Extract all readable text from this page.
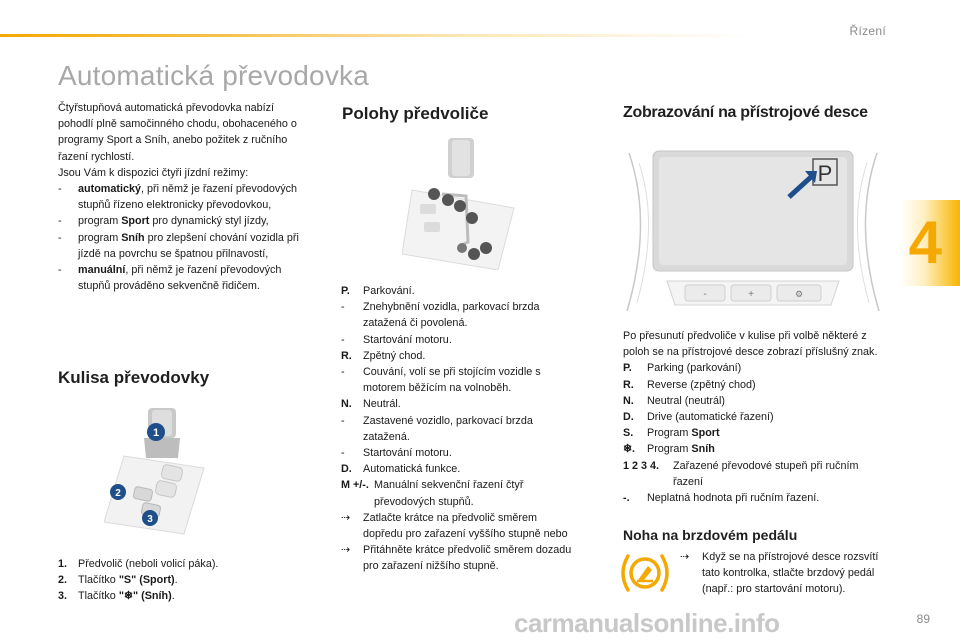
Řízení
4
Automatická převodovka

Čtyřstupňová automatická převodovka nabízí pohodlí plně samočinného chodu, obohaceného o programy Sport a Sníh, anebo požitek z ručního řazení rychlostí.

Jsou Vám k dispozici čtyři jízdní režimy:

-	automatický, při němž je řazení převodových stupňů řízeno elektronicky převodovkou,
-	program Sport pro dynamický styl jízdy,
-	program Sníh pro zlepšení chování vozidla při jízdě na povrchu se špatnou přilnavostí,
-	manuální, při němž je řazení převodových stupňů prováděno sekvenčně řidičem.
Kulisa převodovky
1
2
3
1.	Předvolič (neboli volicí páka).
2.	Tlačítko "S" (Sport).
3.	Tlačítko "❄" (Sníh).
Polohy předvoliče
P.	Parkování.
-	Znehybnění vozidla, parkovací brzda zatažená či povolená.
-	Startování motoru.
R.	Zpětný chod.
-	Couvání, volí se při stojícím vozidle s motorem běžícím na volnoběh.
N.	Neutrál.
-	Zastavené vozidlo, parkovací brzda zatažená.
-	Startování motoru.
D.	Automatická funkce.
M +/-. Manuální sekvenční řazení čtyř převodových stupňů.
⇢	Zatlačte krátce na předvolič směrem dopředu pro zařazení vyššího stupně nebo
⇢	Přitáhněte krátce předvolič směrem dozadu pro zařazení nižšího stupně.
Zobrazování na přístrojové desce
P
-	+	⚙

Po přesunutí předvoliče v kulise při volbě některé z poloh se na přístrojové desce zobrazí příslušný znak.

P.	Parking (parkování)
R.	Reverse (zpětný chod)
N.	Neutral (neutrál)
D.	Drive (automatické řazení)
S.	Program Sport
❄.	Program Sníh
1 2 3 4.	Zařazené převodové stupeň při ručním řazení
-.	Neplatná hodnota při ručním řazení.
Noha na brzdovém pedálu
⇢	Když se na přístrojové desce rozsvítí tato kontrolka, stlačte brzdový pedál (např.: pro startování motoru).
carmanualsonline.info	89
